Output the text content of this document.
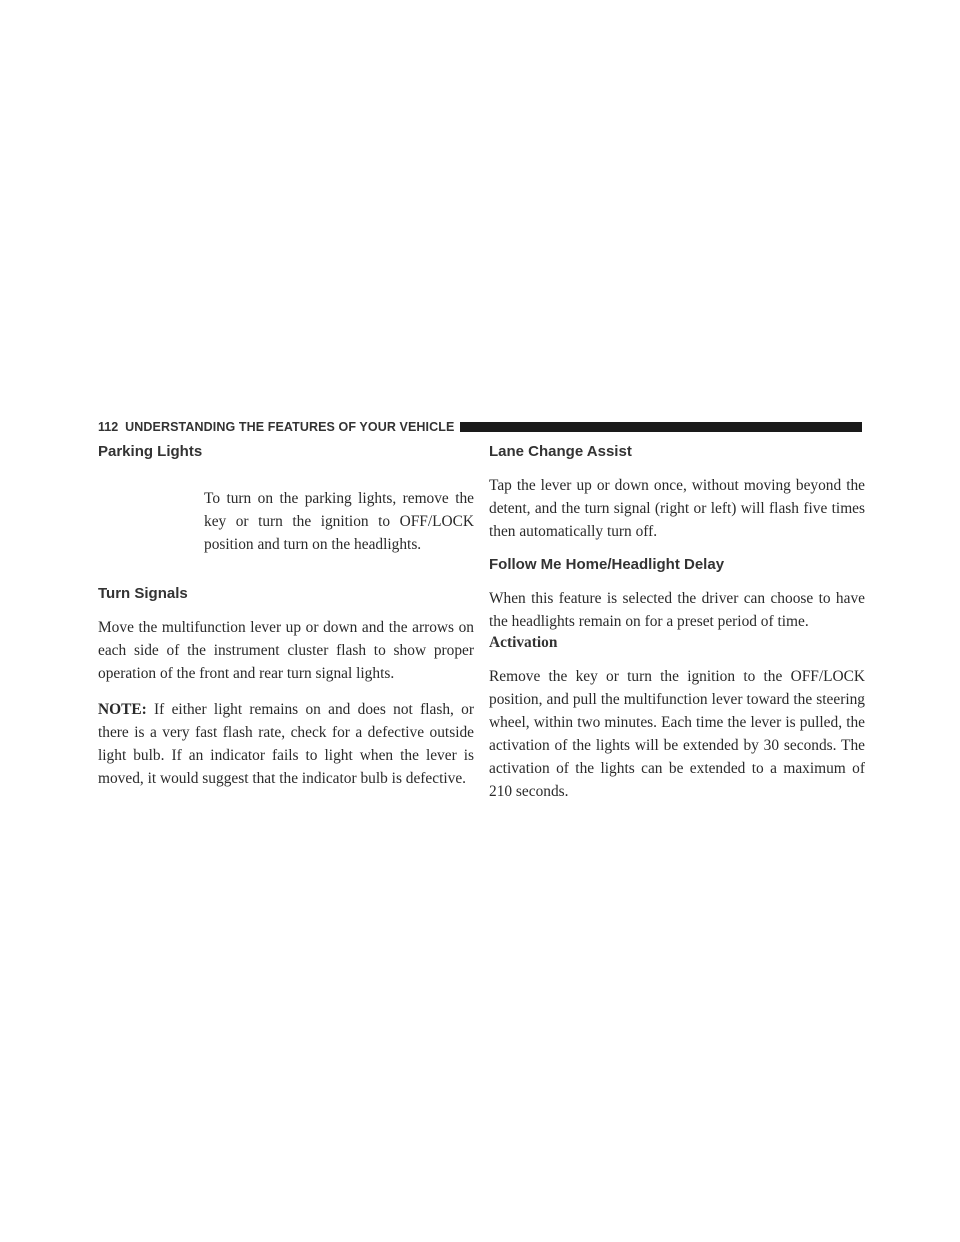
112 UNDERSTANDING THE FEATURES OF YOUR VEHICLE
Parking Lights

To turn on the parking lights, remove the key or turn the ignition to OFF/LOCK position and turn on the headlights.

Turn Signals

Move the multifunction lever up or down and the arrows on each side of the instrument cluster flash to show proper operation of the front and rear turn signal lights.

NOTE: If either light remains on and does not flash, or there is a very fast flash rate, check for a defective outside light bulb. If an indicator fails to light when the lever is moved, it would suggest that the indicator bulb is defective.

Lane Change Assist

Tap the lever up or down once, without moving beyond the detent, and the turn signal (right or left) will flash five times then automatically turn off.

Follow Me Home/Headlight Delay

When this feature is selected the driver can choose to have the headlights remain on for a preset period of time.

Activation

Remove the key or turn the ignition to the OFF/LOCK position, and pull the multifunction lever toward the steering wheel, within two minutes. Each time the lever is pulled, the activation of the lights will be extended by 30 seconds. The activation of the lights can be extended to a maximum of 210 seconds.
